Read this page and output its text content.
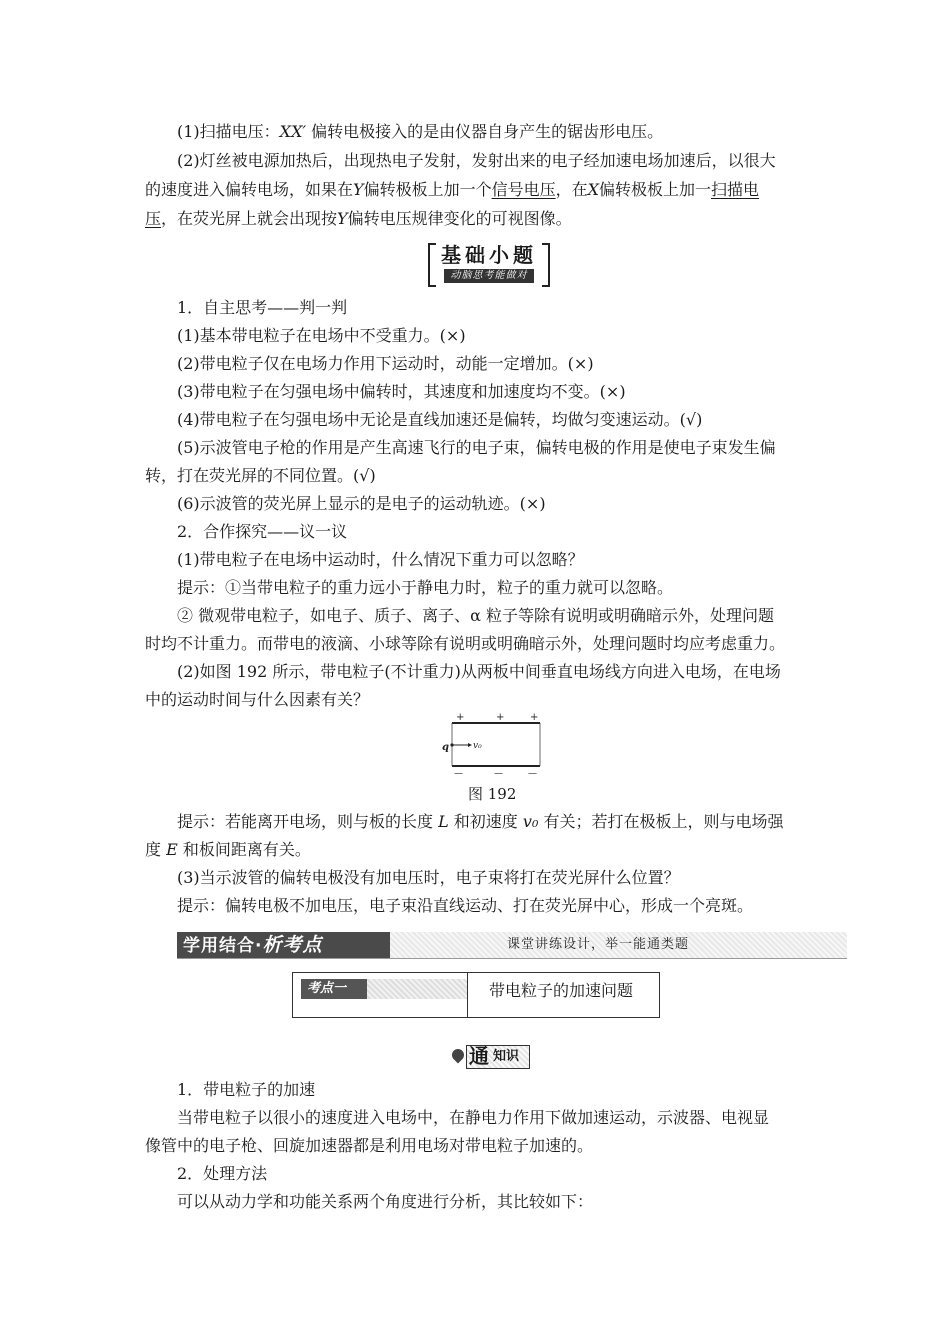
(1)扫描电压：XX′ 偏转电极接入的是由仪器自身产生的锯齿形电压。
(2)灯丝被电源加热后，出现热电子发射，发射出来的电子经加速电场加速后，以很大
的速度进入偏转电场，如果在Y偏转极板上加一个信号电压，在X偏转极板上加一扫描电
压，在荧光屏上就会出现按Y偏转电压规律变化的可视图像。
基础小题
动脑思考能做对
1．自主思考——判一判
(1)基本带电粒子在电场中不受重力。(×)
(2)带电粒子仅在电场力作用下运动时，动能一定增加。(×)
(3)带电粒子在匀强电场中偏转时，其速度和加速度均不变。(×)
(4)带电粒子在匀强电场中无论是直线加速还是偏转，均做匀变速运动。(√)
(5)示波管电子枪的作用是产生高速飞行的电子束，偏转电极的作用是使电子束发生偏
转，打在荧光屏的不同位置。(√)
(6)示波管的荧光屏上显示的是电子的运动轨迹。(×)
2．合作探究——议一议
(1)带电粒子在电场中运动时，什么情况下重力可以忽略？
提示：①当带电粒子的重力远小于静电力时，粒子的重力就可以忽略。
② 微观带电粒子，如电子、质子、离子、α 粒子等除有说明或明确暗示外，处理问题
时均不计重力。而带电的液滴、小球等除有说明或明确暗示外，处理问题时均应考虑重力。
(2)如图 192 所示，带电粒子(不计重力)从两板中间垂直电场线方向进入电场，在电场
中的运动时间与什么因素有关？
+	+	+
q	v₀
—	—	—
图 192
提示：若能离开电场，则与板的长度 L 和初速度 v₀ 有关；若打在极板上，则与电场强
度 E 和板间距离有关。
(3)当示波管的偏转电极没有加电压时，电子束将打在荧光屏什么位置？
提示：偏转电极不加电压，电子束沿直线运动、打在荧光屏中心，形成一个亮斑。
学用结合·析考点	课堂讲练设计，举一能通类题
考点一	带电粒子的加速问题
通 知识
1．带电粒子的加速
当带电粒子以很小的速度进入电场中，在静电力作用下做加速运动，示波器、电视显
像管中的电子枪、回旋加速器都是利用电场对带电粒子加速的。
2．处理方法
可以从动力学和功能关系两个角度进行分析，其比较如下：
